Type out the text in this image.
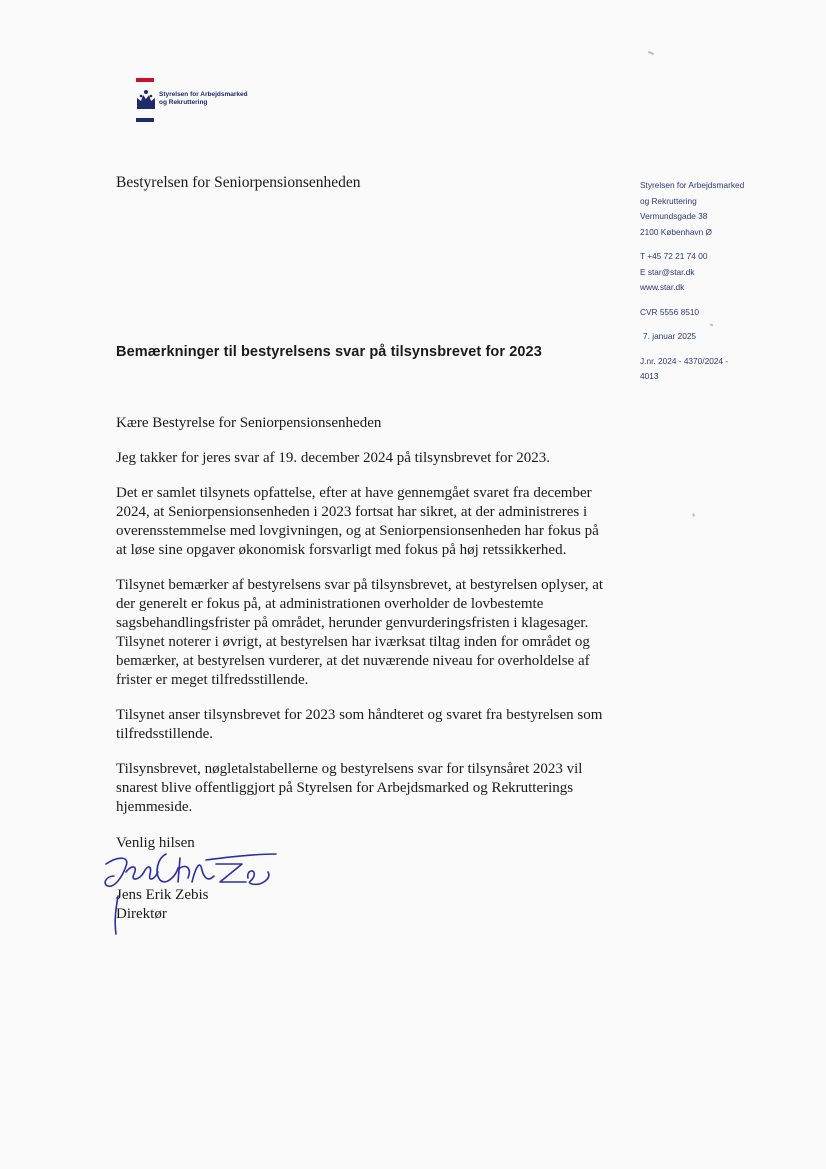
Styrelsen for Arbejdsmarked
og Rekruttering
Bestyrelsen for Seniorpensionsenheden	Styrelsen for Arbejdsmarked
og Rekruttering
Vermundsgade 38
2100 København Ø
T +45 72 21 74 00
E star@star.dk
www.star.dk
CVR 5556 8510
7. januar 2025
J.nr. 2024 - 4370/2024 -
4013
Bemærkninger til bestyrelsens svar på tilsynsbrevet for 2023

Kære Bestyrelse for Seniorpensionsenheden

Jeg takker for jeres svar af 19. december 2024 på tilsynsbrevet for 2023.

Det er samlet tilsynets opfattelse, efter at have gennemgået svaret fra december 2024, at Seniorpensionsenheden i 2023 fortsat har sikret, at der administreres i overensstemmelse med lovgivningen, og at Seniorpensionsenheden har fokus på at løse sine opgaver økonomisk forsvarligt med fokus på høj retssikkerhed.

Tilsynet bemærker af bestyrelsens svar på tilsynsbrevet, at bestyrelsen oplyser, at der generelt er fokus på, at administrationen overholder de lovbestemte sagsbehandlingsfrister på området, herunder genvurderingsfristen i klagesager. Tilsynet noterer i øvrigt, at bestyrelsen har iværksat tiltag inden for området og bemærker, at bestyrelsen vurderer, at det nuværende niveau for overholdelse af frister er meget tilfredsstillende.

Tilsynet anser tilsynsbrevet for 2023 som håndteret og svaret fra bestyrelsen som tilfredsstillende.

Tilsynsbrevet, nøgletalstabellerne og bestyrelsens svar for tilsynsåret 2023 vil snarest blive offentliggjort på Styrelsen for Arbejdsmarked og Rekrutterings hjemmeside.

Venlig hilsen
Jens Erik Zebis
Direktør
